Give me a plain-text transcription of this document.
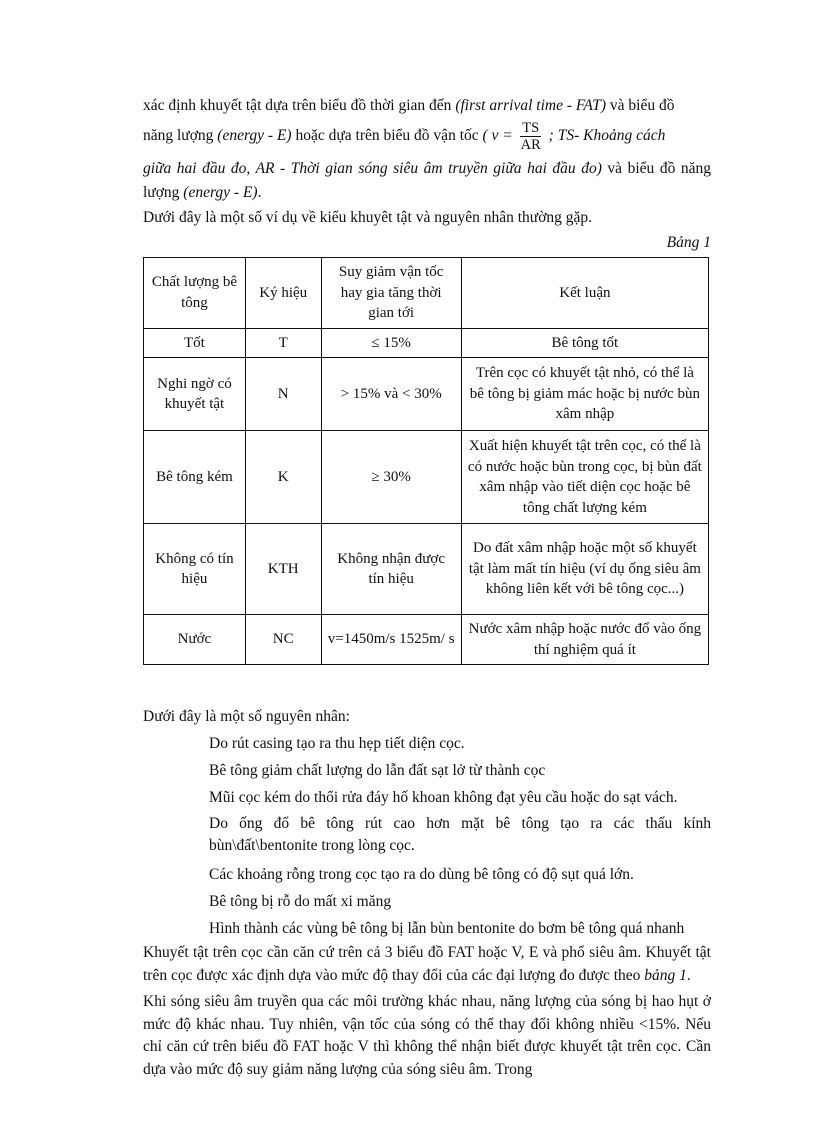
xác định khuyết tật dựa trên biểu đồ thời gian đến (first arrival time - FAT) và biểu đồ

năng lượng (energy - E) hoặc dựa trên biểu đồ vận tốc ( $v = \frac{TS}{AR}$ ; TS- Khoảng cách

giữa hai đầu đo, AR - Thời gian sóng siêu âm truyền giữa hai đầu đo) và biểu đồ năng lượng (energy - E).

Dưới đây là một số ví dụ về kiểu khuyêt tật và nguyên nhân thường gặp.

Bảng 1

Chất lượng bê tông	Ký hiệu	Suy giảm vận tốc hay gia tăng thời gian tới	Kết luận
Tốt	T	≤ 15%	Bê tông tốt
Nghi ngờ có khuyết tật	N	> 15% và < 30%	Trên cọc có khuyết tật nhỏ, có thể là bê tông bị giảm mác hoặc bị nước bùn xâm nhập
Bê tông kém	K	≥ 30%	Xuất hiện khuyết tật trên cọc, có thể là có nước hoặc bùn trong cọc, bị bùn đất xâm nhập vào tiết diện cọc hoặc bê tông chất lượng kém
Không có tín hiệu	KTH	Không nhận được tín hiệu	Do đất xâm nhập hoặc một số khuyết tật làm mất tín hiệu (ví dụ ống siêu âm không liên kết với bê tông cọc...)
Nước	NC	v=1450m/s 1525m/ s	Nước xâm nhập hoặc nước đổ vào ống thí nghiệm quá ít

Dưới đây là một số nguyên nhân:

Do rút casing tạo ra thu hẹp tiết diện cọc.

Bê tông giảm chất lượng do lẫn đất sạt lở từ thành cọc

Mũi cọc kém do thổi rửa đáy hố khoan không đạt yêu cầu hoặc do sạt vách.

Do ống đổ bê tông rút cao hơn mặt bê tông tạo ra các thấu kính bùn\đất\bentonite trong lòng cọc.

Các khoảng rỗng trong cọc tạo ra do dùng bê tông có độ sụt quá lớn.

Bê tông bị rỗ do mất xi măng

Hình thành các vùng bê tông bị lẫn bùn bentonite do bơm bê tông quá nhanh

Khuyết tật trên cọc cần căn cứ trên cả 3 biểu đồ FAT hoặc V, E và phổ siêu âm. Khuyết tật trên cọc được xác định dựa vào mức độ thay đổi của các đại lượng đo được theo bảng 1.

Khi sóng siêu âm truyền qua các môi trường khác nhau, năng lượng của sóng bị hao hụt ở mức độ khác nhau. Tuy nhiên, vận tốc của sóng có thể thay đổi không nhiều <15%. Nếu chỉ căn cứ trên biểu đồ FAT hoặc V thì không thể nhận biết được khuyết tật trên cọc. Cần dựa vào mức độ suy giảm năng lượng của sóng siêu âm. Trong
